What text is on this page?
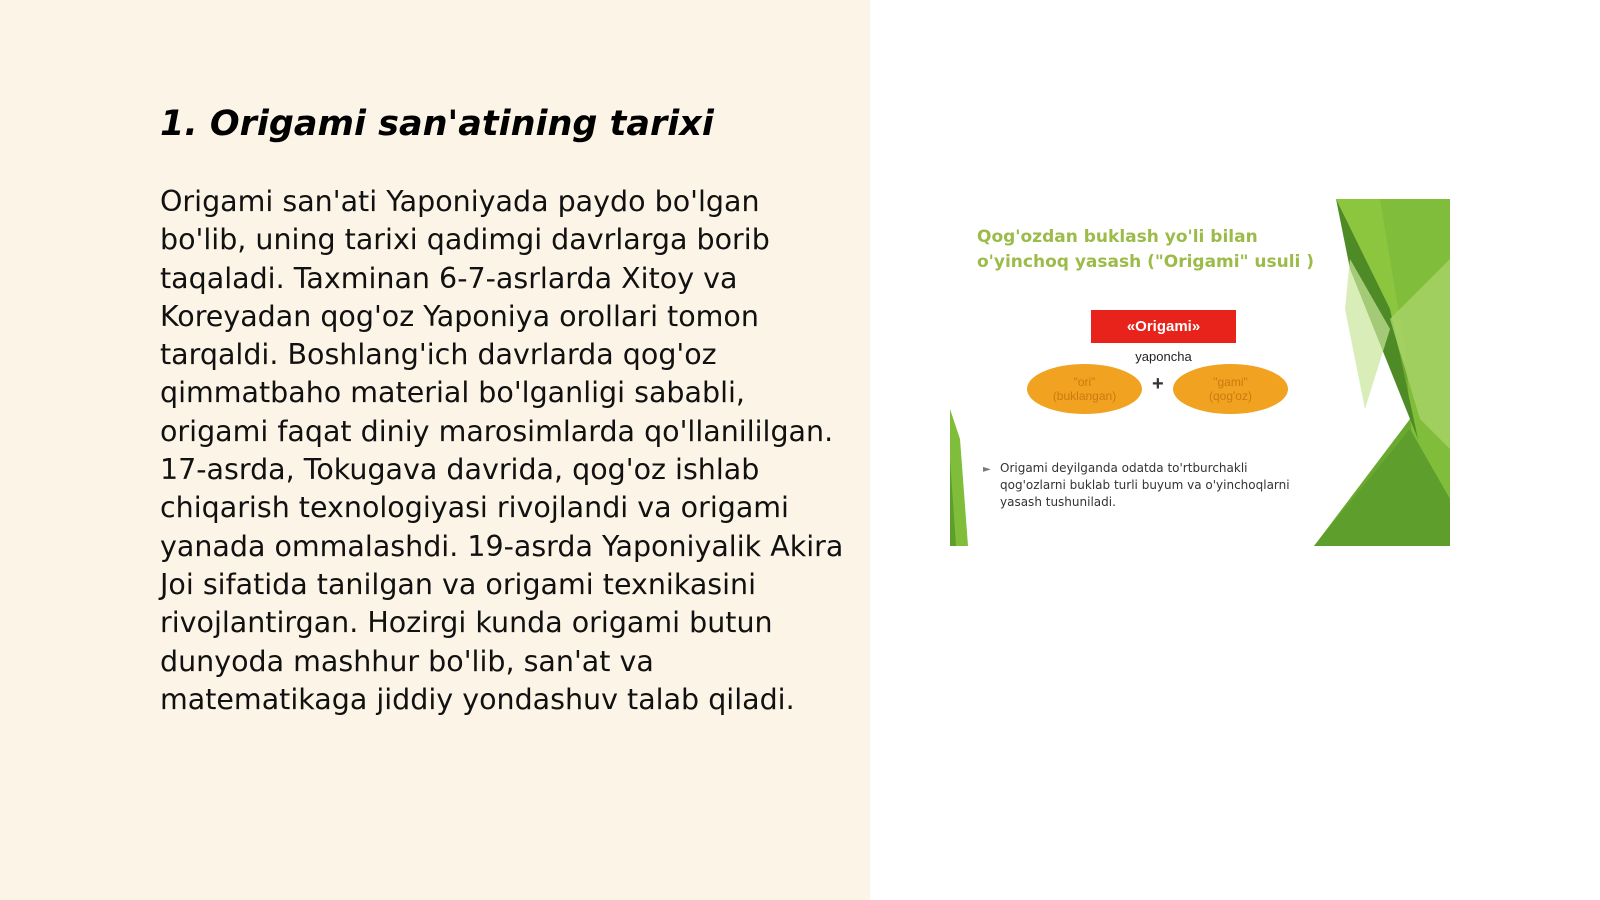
1. Origami san'atining tarixi

Origami san'ati Yaponiyada paydo bo'lgan bo'lib, uning tarixi qadimgi davrlarga borib taqaladi. Taxminan 6-7-asrlarda Xitoy va Koreyadan qog'oz Yaponiya orollari tomon tarqaldi. Boshlang'ich davrlarda qog'oz qimmatbaho material bo'lganligi sababli, origami faqat diniy marosimlarda qo'llanililgan. 17-asrda, Tokugava davrida, qog'oz ishlab chiqarish texnologiyasi rivojlandi va origami yanada ommalashdi. 19-asrda Yaponiyalik Akira Joi sifatida tanilgan va origami texnikasini rivojlantirgan. Hozirgi kunda origami butun dunyoda mashhur bo'lib, san'at va matematikaga jiddiy yondashuv talab qiladi.

Qog'ozdan buklash yo'li bilan o'yinchoq yasash ("Origami" usuli )

«Origami»
yaponcha
"ori"
(buklangan)
+	"gami"
(qog'oz)
► Origami deyilganda odatda to'rtburchakli qog'ozlarni buklab turli buyum va o'yinchoqlarni yasash tushuniladi.
